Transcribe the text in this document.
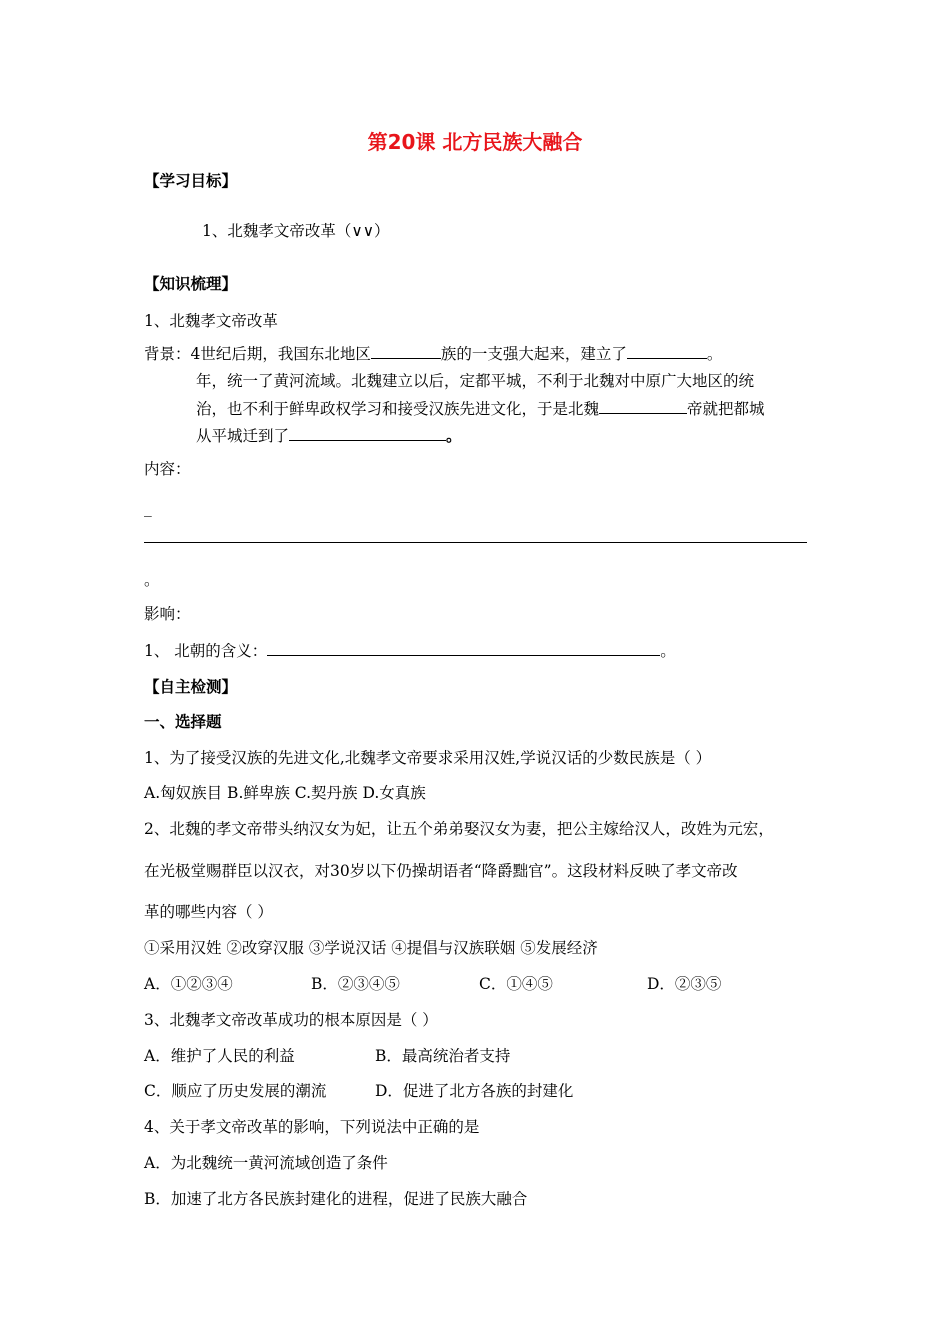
第20课 北方民族大融合
【学习目标】
1、北魏孝文帝改革（∨∨）
【知识梳理】
1、北魏孝文帝改革
背景：4世纪后期，我国东北地区	族的一支强大起来，建立了	。
年，统一了黄河流域。北魏建立以后，定都平城，不利于北魏对中原广大地区的统
治，也不利于鲜卑政权学习和接受汉族先进文化，于是北魏	帝就把都城
从平城迁到了	。
内容：
_
。
影响：
1、 北朝的含义：	。
【自主检测】
一、选择题
1、为了接受汉族的先进文化,北魏孝文帝要求采用汉姓,学说汉话的少数民族是（ ）
A.匈奴族目 B.鲜卑族 C.契丹族 D.女真族
2、北魏的孝文帝带头纳汉女为妃，让五个弟弟娶汉女为妻，把公主嫁给汉人，改姓为元宏，
在光极堂赐群臣以汉衣，对30岁以下仍操胡语者“降爵黜官”。这段材料反映了孝文帝改
革的哪些内容（ ）
①采用汉姓 ②改穿汉服 ③学说汉话 ④提倡与汉族联姻 ⑤发展经济
A．①②③④	B．②③④⑤	C．①④⑤	D．②③⑤
3、北魏孝文帝改革成功的根本原因是（ ）
A．维护了人民的利益	B．最高统治者支持
C．顺应了历史发展的潮流	D．促进了北方各族的封建化
4、关于孝文帝改革的影响，下列说法中正确的是
A．为北魏统一黄河流域创造了条件
B．加速了北方各民族封建化的进程，促进了民族大融合
